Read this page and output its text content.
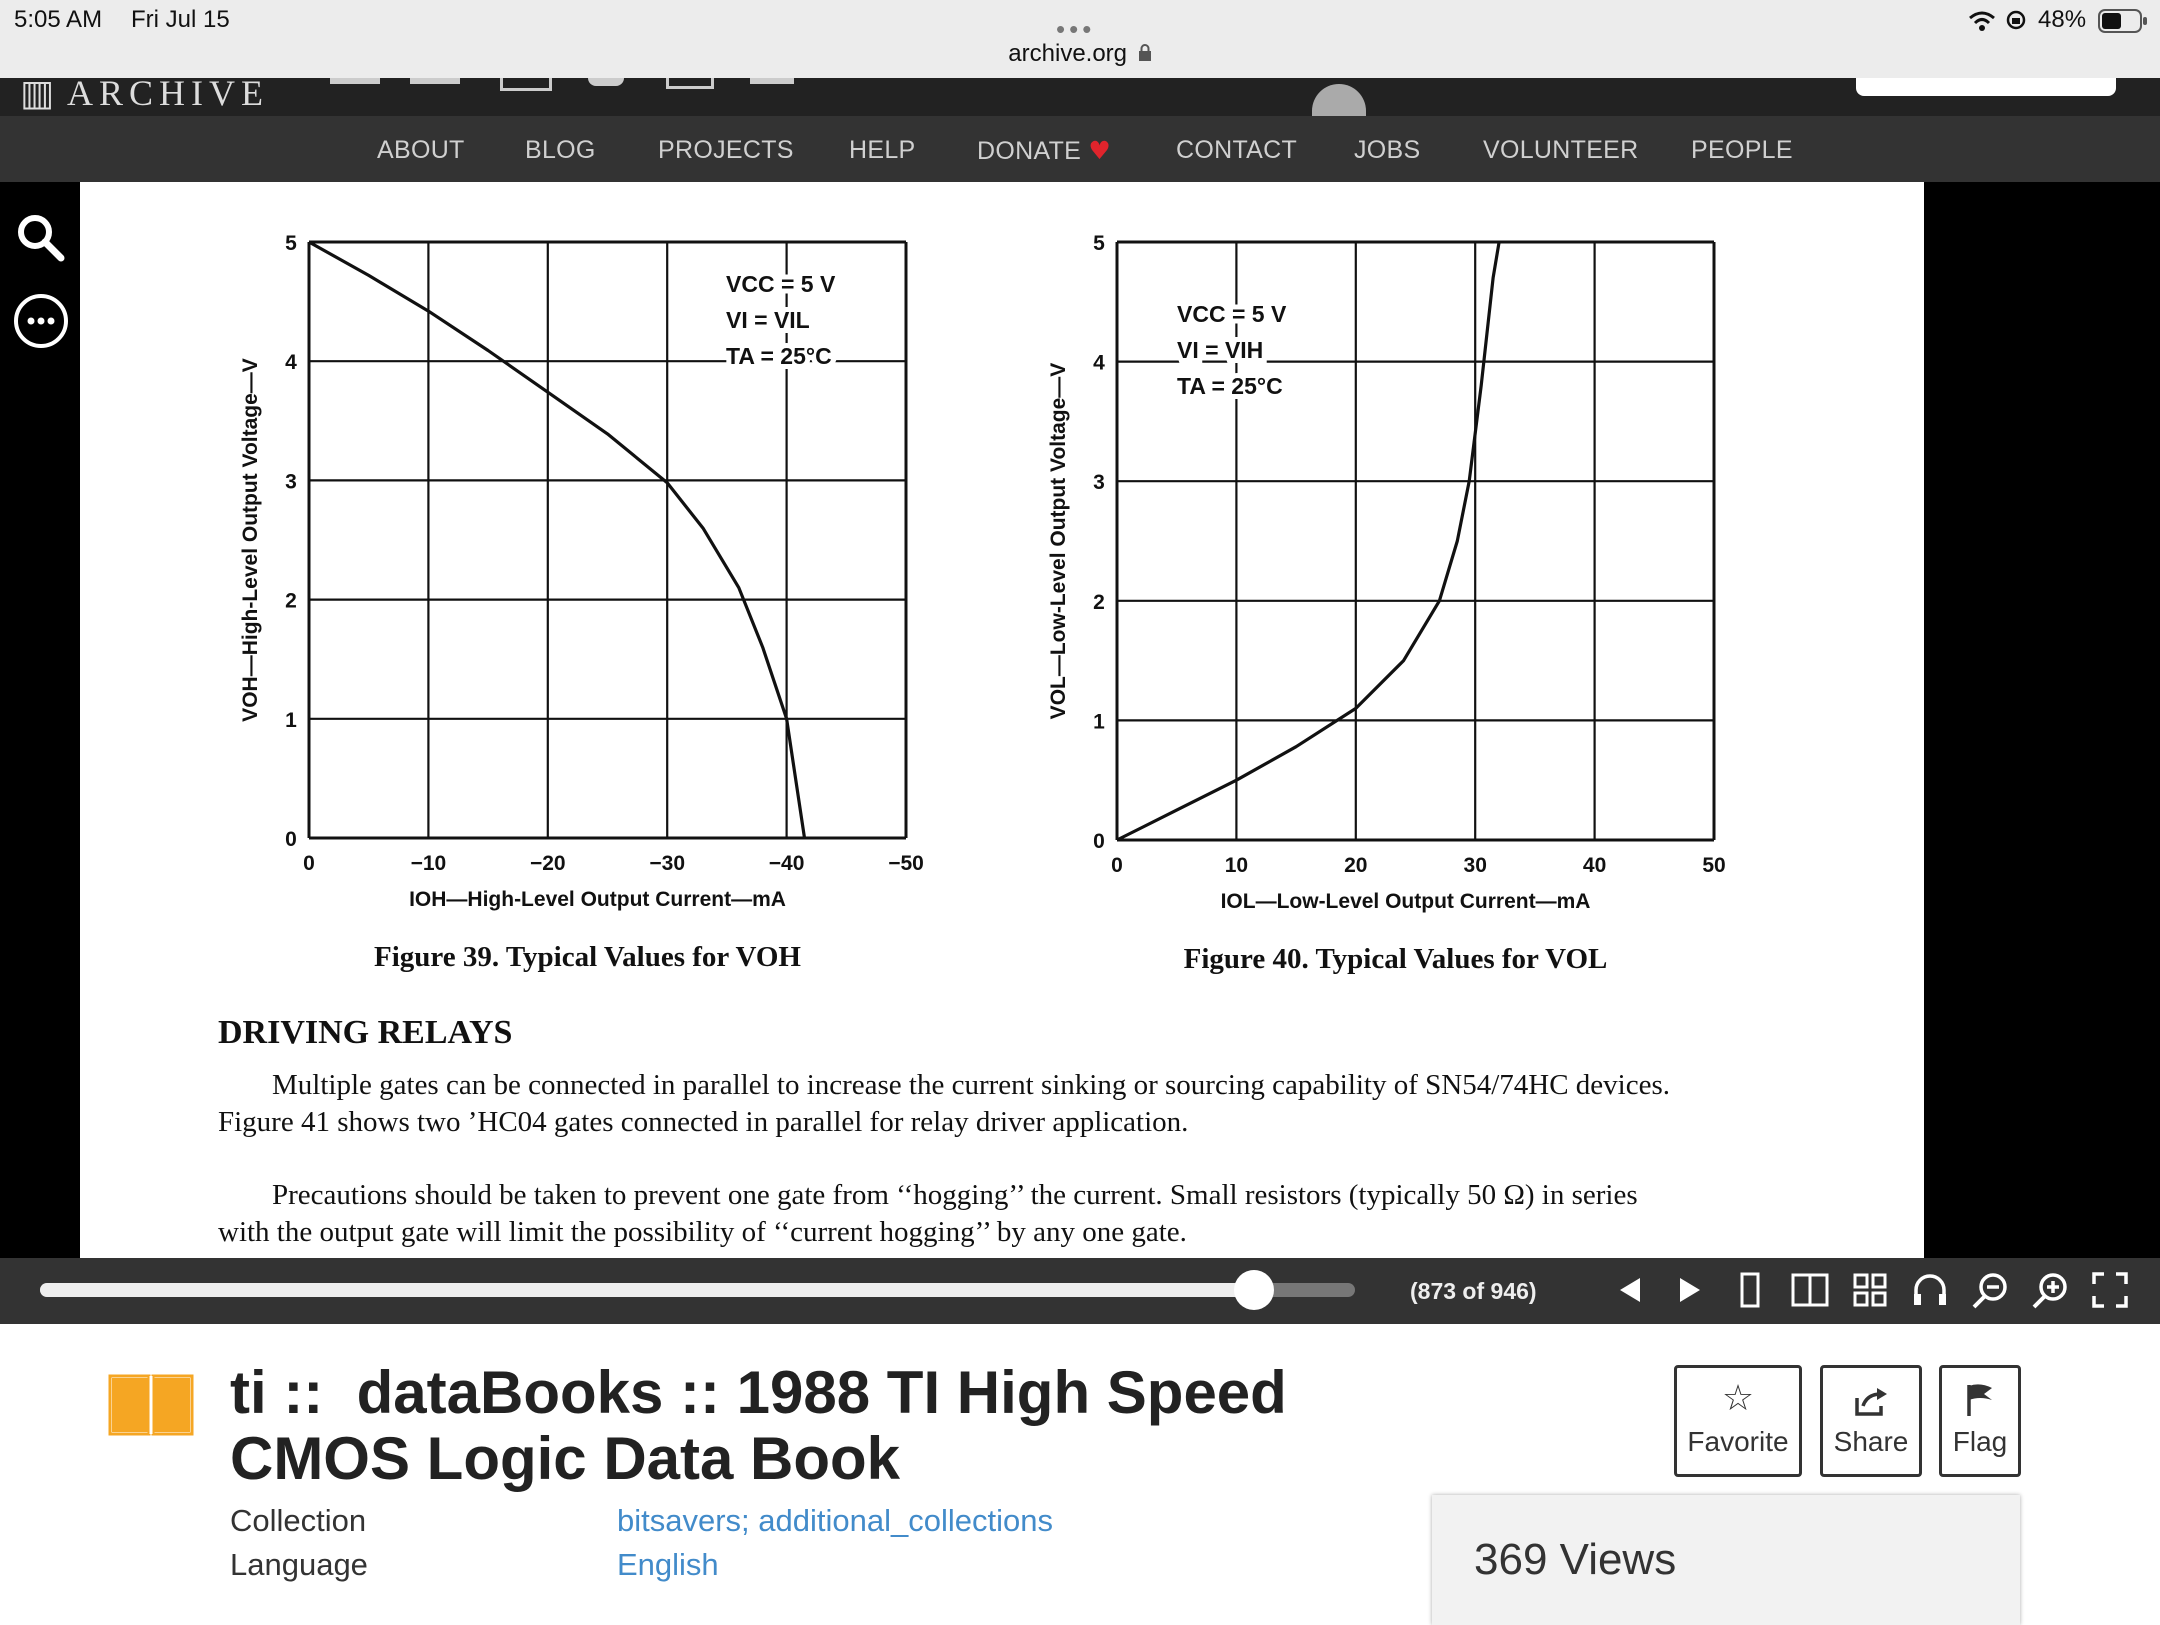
5:05 AM Fri Jul 15	•••
archive.org
48%
▥ ARCHIVE
ABOUT BLOG PROJECTS HELP DONATE ♥	CONTACT JOBS	VOLUNTEER PEOPLE
0	−10	−20	−30	−40	−50
0
1
2
3
4
5
IOH—High-Level Output Current—mA
VOH—High-Level Output Voltage—V
VCC = 5 V
VI = VIL
TA = 25°C
Figure 39. Typical Values for VOH
0	10	20	30	40	50
0
1
2
3
4
5
IOL—Low-Level Output Current—mA
VOL—Low-Level Output Voltage—V
VCC = 5 V
VI = VIH
TA = 25°C
Figure 40. Typical Values for VOL
DRIVING RELAYS
Multiple gates can be connected in parallel to increase the current sinking or sourcing capability of SN54/74HC devices.
Figure 41 shows two ’HC04 gates connected in parallel for relay driver application.
Precautions should be taken to prevent one gate from ‘‘hogging’’ the current. Small resistors (typically 50 Ω) in series
with the output gate will limit the possibility of ‘‘current hogging’’ by any one gate.
(873 of 946)
ti ::  dataBooks :: 1988 TI High Speed
CMOS Logic Data Book
Collection	bitsavers; additional_collections
Language	English
☆
Favorite	Share	Flag
369 Views
